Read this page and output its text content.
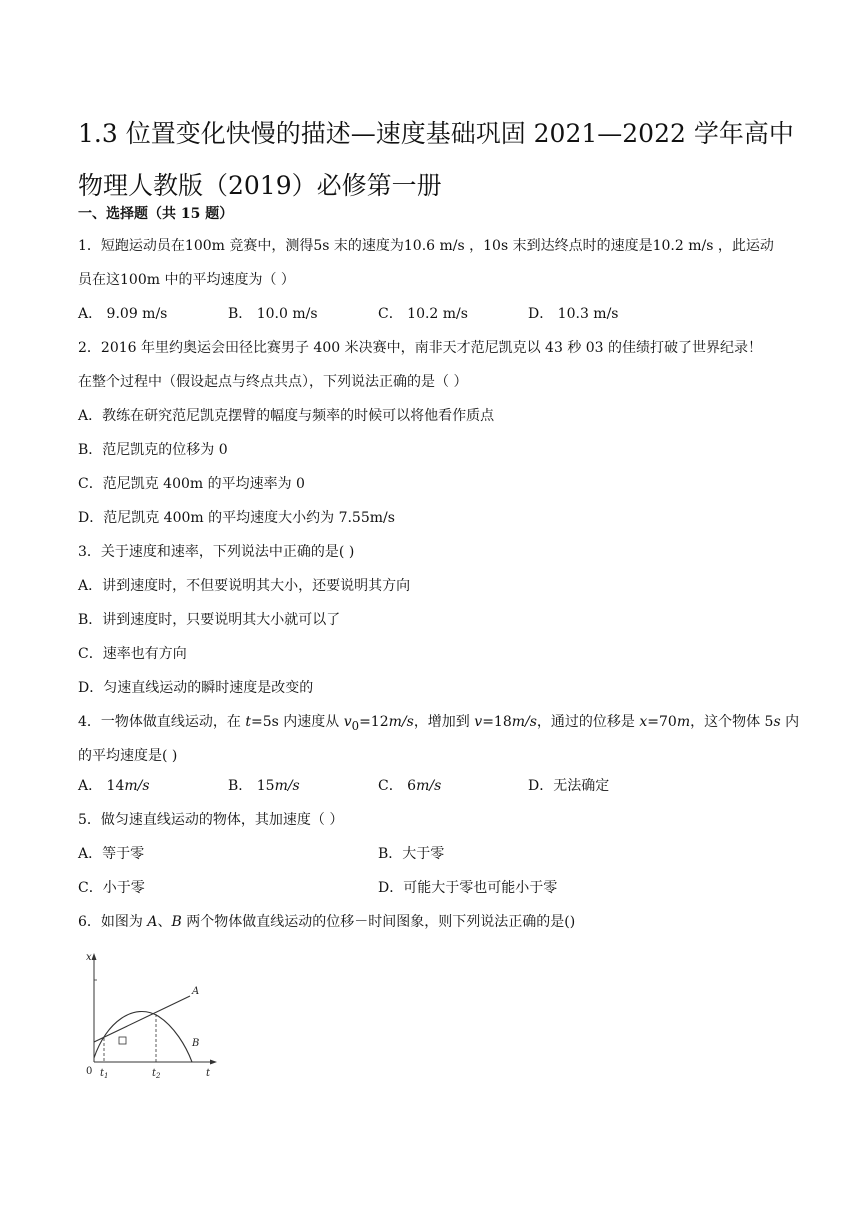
1.3 位置变化快慢的描述—速度基础巩固 2021—2022 学年高中物理人教版（2019）必修第一册

一、选择题（共 15 题）

1．短跑运动员在100m 竞赛中，测得5s 末的速度为10.6 m/s ，10s 末到达终点时的速度是10.2 m/s ，此运动

员在这100m 中的平均速度为（ ）

A． 9.09 m/s	B． 10.0 m/s	C． 10.2 m/s	D． 10.3 m/s

2．2016 年里约奥运会田径比赛男子 400 米决赛中，南非天才范尼凯克以 43 秒 03 的佳绩打破了世界纪录！

在整个过程中（假设起点与终点共点），下列说法正确的是（ ）

A．教练在研究范尼凯克摆臂的幅度与频率的时候可以将他看作质点

B．范尼凯克的位移为 0

C．范尼凯克 400m 的平均速率为 0

D．范尼凯克 400m 的平均速度大小约为 7.55m/s

3．关于速度和速率，下列说法中正确的是( )

A．讲到速度时，不但要说明其大小，还要说明其方向

B．讲到速度时，只要说明其大小就可以了

C．速率也有方向

D．匀速直线运动的瞬时速度是改变的

4．一物体做直线运动，在 t=5s 内速度从 $v_0=12m/s$，增加到 v=18m/s，通过的位移是 x=70m，这个物体 5s 内

的平均速度是( )

A． 14m/s	B． 15m/s	C． 6m/s	D．无法确定

5．做匀速直线运动的物体，其加速度（ ）

A．等于零	B．大于零
C．小于零	D．可能大于零也可能小于零

6．如图为 A、B 两个物体做直线运动的位移－时间图象，则下列说法正确的是()

x
t
0 $t_1$	$t_2$
A
B
